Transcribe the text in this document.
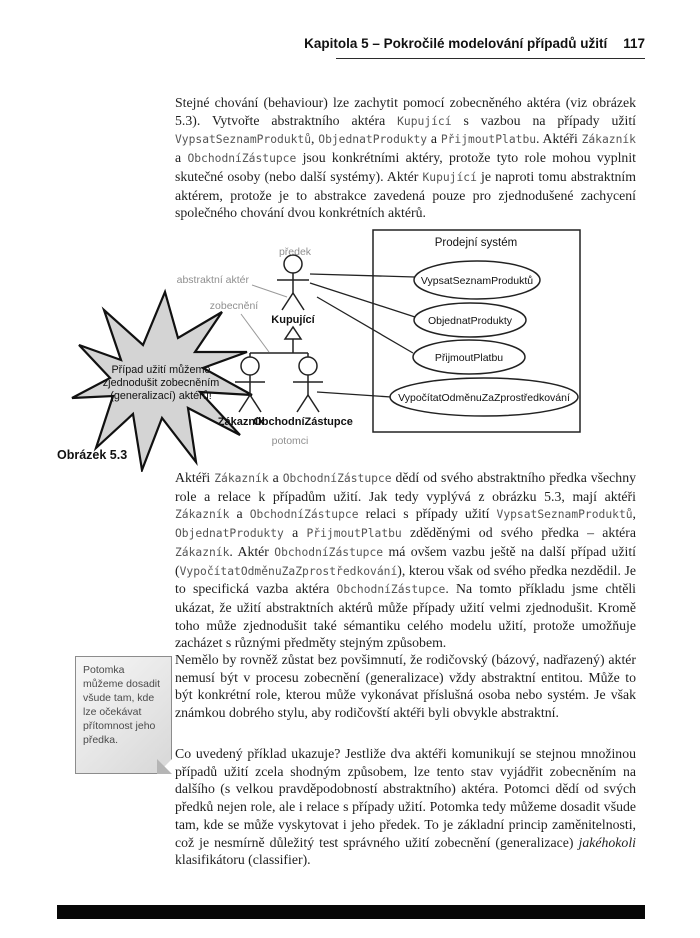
Kapitola 5 – Pokročilé modelování případů užití 117
Stejné chování (behaviour) lze zachytit pomocí zobecněného aktéra (viz obrázek 5.3). Vytvořte abstraktního aktéra Kupující s vazbou na případy užití VypsatSeznamProduktů, ObjednatProdukty a PřijmoutPlatbu. Aktéři Zákazník a ObchodníZástupce jsou konkrétními aktéry, protože tyto role mohou vyplnit skutečné osoby (nebo další systémy). Aktér Kupující je naproti tomu abstraktním aktérem, protože je to abstrakce zavedená pouze pro zjednodušené zachycení společného chování dvou konkrétních aktérů.
Aktéři Zákazník a ObchodníZástupce dědí od svého abstraktního předka všechny role a relace k případům užití. Jak tedy vyplývá z obrázku 5.3, mají aktéři Zákazník a ObchodníZástupce relaci s případy užití VypsatSeznamProduktů, ObjednatProdukty a PřijmoutPlatbu zděděnými od svého předka – aktéra Zákazník. Aktér ObchodníZástupce má ovšem vazbu ještě na další případ užití (VypočítatOdměnuZaZprostředkování), kterou však od svého předka nezdědil. Je to specifická vazba aktéra ObchodníZástupce. Na tomto příkladu jsme chtěli ukázat, že užití abstraktních aktérů může případy užití velmi zjednodušit. Kromě toho může zjednodušit také sémantiku celého modelu užití, protože umožňuje zacházet s různými předměty stejným způsobem.
Nemělo by rovněž zůstat bez povšimnutí, že rodičovský (bázový, nadřazený) aktér nemusí být v procesu zobecnění (generalizace) vždy abstraktní entitou. Může to být konkrétní role, kterou může vykonávat příslušná osoba nebo systém. Je však známkou dobrého stylu, aby rodičovští aktéři byli obvykle abstraktní.
Co uvedený příklad ukazuje? Jestliže dva aktéři komunikují se stejnou množinou případů užití zcela shodným způsobem, lze tento stav vyjádřit zobecněním na dalšího (s velkou pravděpodobností abstraktního) aktéra. Potomci dědí od svých předků nejen role, ale i relace s případy užití. Potomka tedy můžeme dosadit všude tam, kde se může vyskytovat i jeho předek. To je základní princip zaměnitelnosti, což je nesmírně důležitý test správného užití zobecnění (generalizace) jakéhokoli klasifikátoru (classifier).
Obrázek 5.3
Případ užití můžeme
zjednodušit zobecněním
(generalizací) aktérů!
Prodejní systém
VypsatSeznamProduktů
ObjednatProdukty
PřijmoutPlatbu
VypočítatOdměnuZaZprostředkování
Kupující
Zákazník
ObchodníZástupce
předek
abstraktní aktér
zobecnění
potomci
Potomka můžeme dosadit všude tam, kde lze očekávat přítomnost jeho předka.
